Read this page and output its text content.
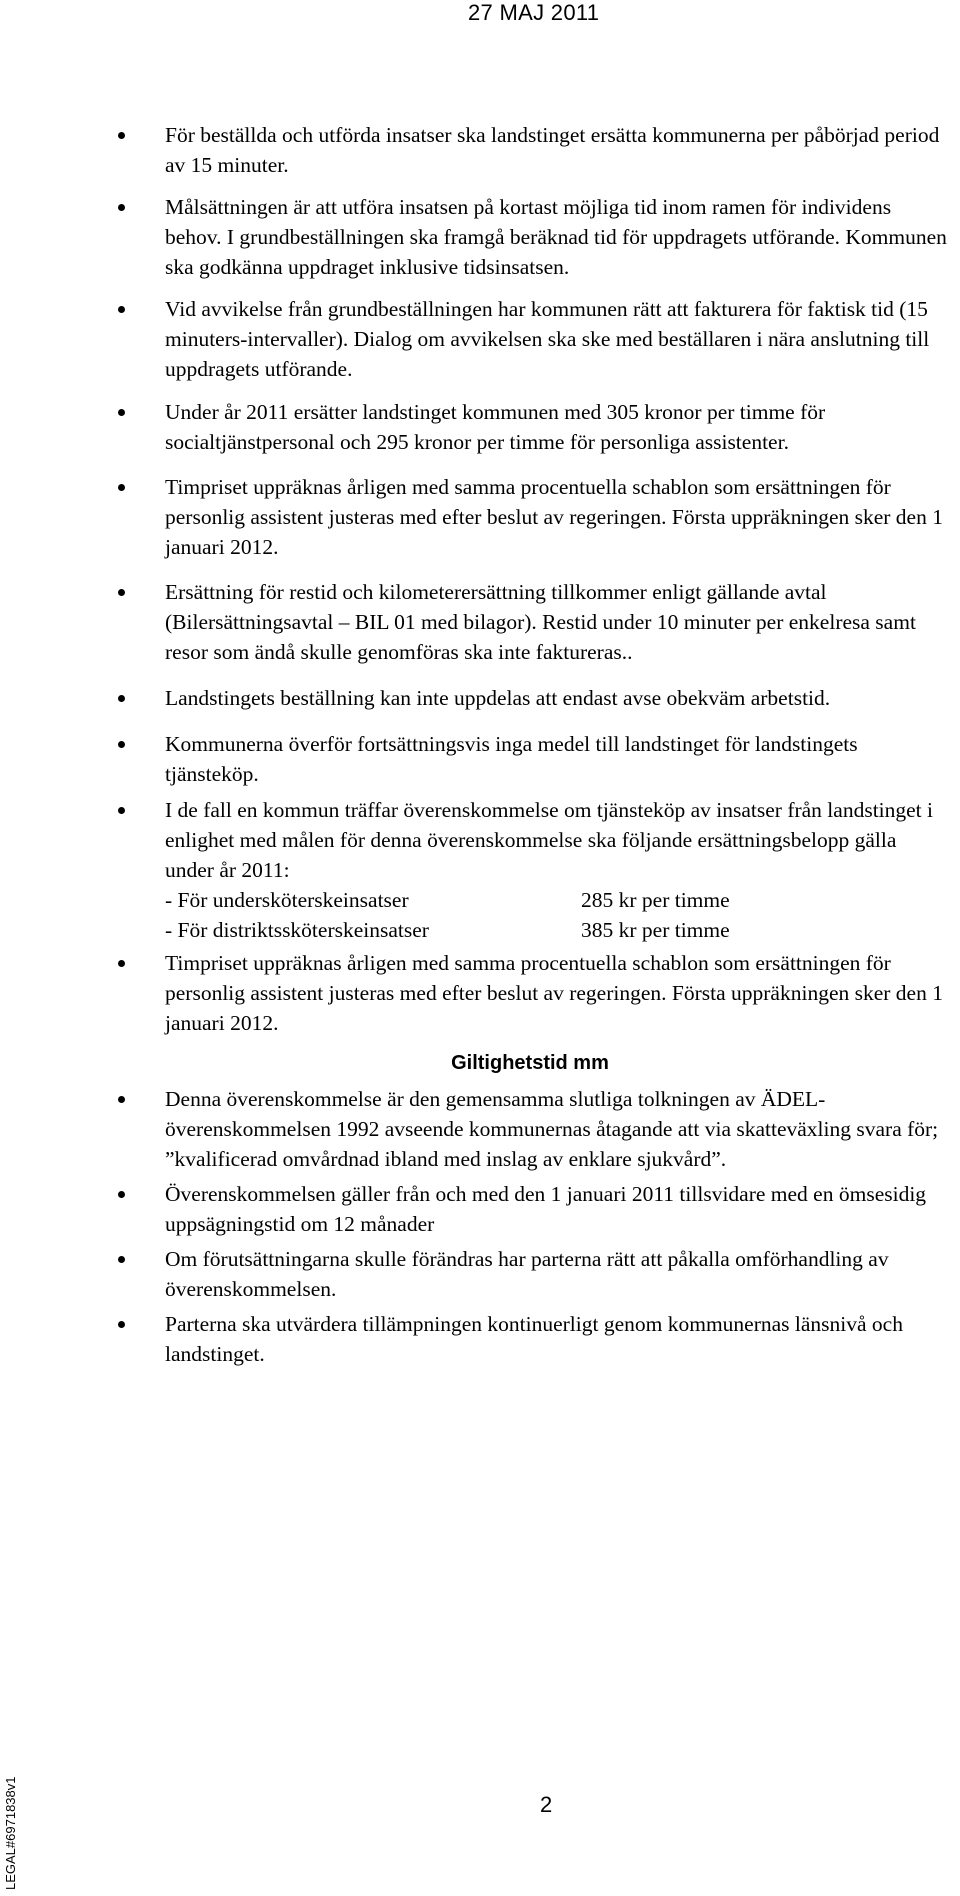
27 MAJ 2011
För beställda och utförda insatser ska landstinget ersätta kommunerna per påbörjad period av 15 minuter.
Målsättningen är att utföra insatsen på kortast möjliga tid inom ramen för individens behov. I grundbeställningen ska framgå beräknad tid för uppdragets utförande. Kommunen ska godkänna uppdraget inklusive tidsinsatsen.
Vid avvikelse från grundbeställningen har kommunen rätt att fakturera för faktisk tid (15 minuters-intervaller). Dialog om avvikelsen ska ske med beställaren i nära anslutning till uppdragets utförande.
Under år 2011 ersätter landstinget kommunen med 305 kronor per timme för socialtjänstpersonal och 295 kronor per timme för personliga assistenter.
Timpriset uppräknas årligen med samma procentuella schablon som ersättningen för personlig assistent justeras med efter beslut av regeringen. Första uppräkningen sker den 1 januari 2012.
Ersättning för restid och kilometerersättning tillkommer enligt gällande avtal (Bilersättningsavtal – BIL 01 med bilagor). Restid under 10 minuter per enkelresa samt resor som ändå skulle genomföras ska inte faktureras..
Landstingets beställning kan inte uppdelas att endast avse obekväm arbetstid.
Kommunerna överför fortsättningsvis inga medel till landstinget för landstingets tjänsteköp.
I de fall en kommun träffar överenskommelse om tjänsteköp av insatser från landstinget i enlighet med målen för denna överenskommelse ska följande ersättningsbelopp gälla under år 2011:
- För undersköterskeinsatser	285 kr per timme
- För distriktssköterskeinsatser	385 kr per timme
Timpriset uppräknas årligen med samma procentuella schablon som ersättningen för personlig assistent justeras med efter beslut av regeringen. Första uppräkningen sker den 1 januari 2012.
Giltighetstid mm
Denna överenskommelse är den gemensamma slutliga tolkningen av ÄDEL-överenskommelsen 1992 avseende kommunernas åtagande att via skatteväxling svara för; ”kvalificerad omvårdnad ibland med inslag av enklare sjukvård”.
Överenskommelsen gäller från och med den 1 januari 2011 tillsvidare med en ömsesidig uppsägningstid om 12 månader
Om förutsättningarna skulle förändras har parterna rätt att påkalla omförhandling av överenskommelsen.
Parterna ska utvärdera tillämpningen kontinuerligt genom kommunernas länsnivå och landstinget.
2
LEGAL#6971838v1
